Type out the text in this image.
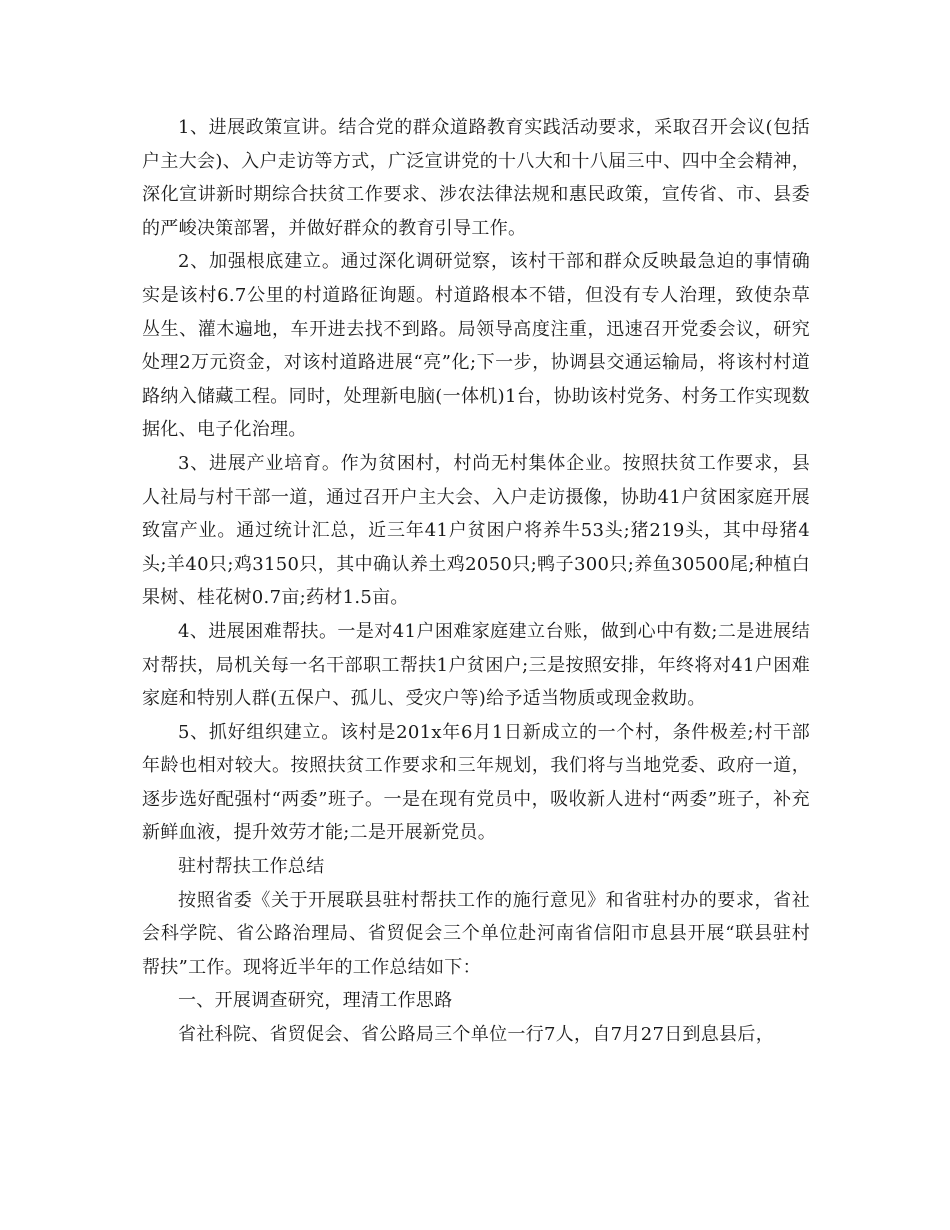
1、进展政策宣讲。结合党的群众道路教育实践活动要求，采取召开会议(包括户主大会)、入户走访等方式，广泛宣讲党的十八大和十八届三中、四中全会精神，深化宣讲新时期综合扶贫工作要求、涉农法律法规和惠民政策，宣传省、市、县委的严峻决策部署，并做好群众的教育引导工作。

2、加强根底建立。通过深化调研觉察，该村干部和群众反映最急迫的事情确实是该村6.7公里的村道路征询题。村道路根本不错，但没有专人治理，致使杂草丛生、灌木遍地，车开进去找不到路。局领导高度注重，迅速召开党委会议，研究处理2万元资金，对该村道路进展“亮”化;下一步，协调县交通运输局，将该村村道路纳入储藏工程。同时，处理新电脑(一体机)1台，协助该村党务、村务工作实现数据化、电子化治理。

3、进展产业培育。作为贫困村，村尚无村集体企业。按照扶贫工作要求，县人社局与村干部一道，通过召开户主大会、入户走访摄像，协助41户贫困家庭开展致富产业。通过统计汇总，近三年41户贫困户将养牛53头;猪219头，其中母猪4头;羊40只;鸡3150只，其中确认养土鸡2050只;鸭子300只;养鱼30500尾;种植白果树、桂花树0.7亩;药材1.5亩。

4、进展困难帮扶。一是对41户困难家庭建立台账，做到心中有数;二是进展结对帮扶，局机关每一名干部职工帮扶1户贫困户;三是按照安排，年终将对41户困难家庭和特别人群(五保户、孤儿、受灾户等)给予适当物质或现金救助。

5、抓好组织建立。该村是201x年6月1日新成立的一个村，条件极差;村干部年龄也相对较大。按照扶贫工作要求和三年规划，我们将与当地党委、政府一道，逐步选好配强村“两委”班子。一是在现有党员中，吸收新人进村“两委”班子，补充新鲜血液，提升效劳才能;二是开展新党员。

驻村帮扶工作总结

按照省委《关于开展联县驻村帮扶工作的施行意见》和省驻村办的要求，省社会科学院、省公路治理局、省贸促会三个单位赴河南省信阳市息县开展“联县驻村帮扶”工作。现将近半年的工作总结如下：

一、开展调查研究，理清工作思路

省社科院、省贸促会、省公路局三个单位一行7人，自7月27日到息县后，
